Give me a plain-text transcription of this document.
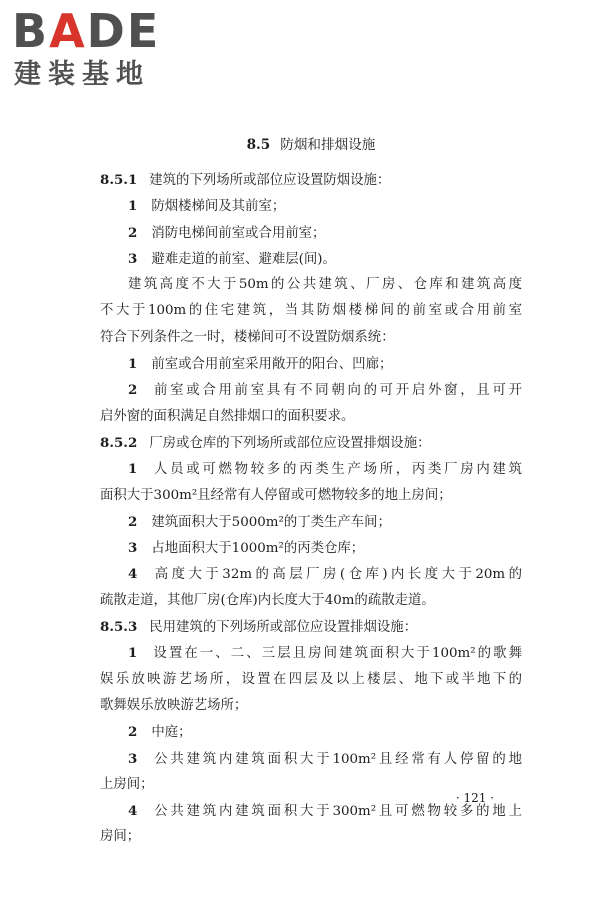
BADE
建装基地
8.5 防烟和排烟设施
8.5.1 建筑的下列场所或部位应设置防烟设施：
1 防烟楼梯间及其前室；
2 消防电梯间前室或合用前室；
3 避难走道的前室、避难层(间)。
建筑高度不大于50m的公共建筑、厂房、仓库和建筑高度
不大于100m的住宅建筑，当其防烟楼梯间的前室或合用前室
符合下列条件之一时，楼梯间可不设置防烟系统：
1 前室或合用前室采用敞开的阳台、凹廊；
2 前室或合用前室具有不同朝向的可开启外窗，且可开
启外窗的面积满足自然排烟口的面积要求。
8.5.2 厂房或仓库的下列场所或部位应设置排烟设施：
1 人员或可燃物较多的丙类生产场所，丙类厂房内建筑
面积大于300m²且经常有人停留或可燃物较多的地上房间；
2 建筑面积大于5000m²的丁类生产车间；
3 占地面积大于1000m²的丙类仓库；
4 高度大于32m的高层厂房(仓库)内长度大于20m的
疏散走道，其他厂房(仓库)内长度大于40m的疏散走道。
8.5.3 民用建筑的下列场所或部位应设置排烟设施：
1 设置在一、二、三层且房间建筑面积大于100m²的歌舞
娱乐放映游艺场所，设置在四层及以上楼层、地下或半地下的
歌舞娱乐放映游艺场所；
2 中庭；
3 公共建筑内建筑面积大于100m²且经常有人停留的地
上房间；
4 公共建筑内建筑面积大于300m²且可燃物较多的地上
房间；
· 121 ·
